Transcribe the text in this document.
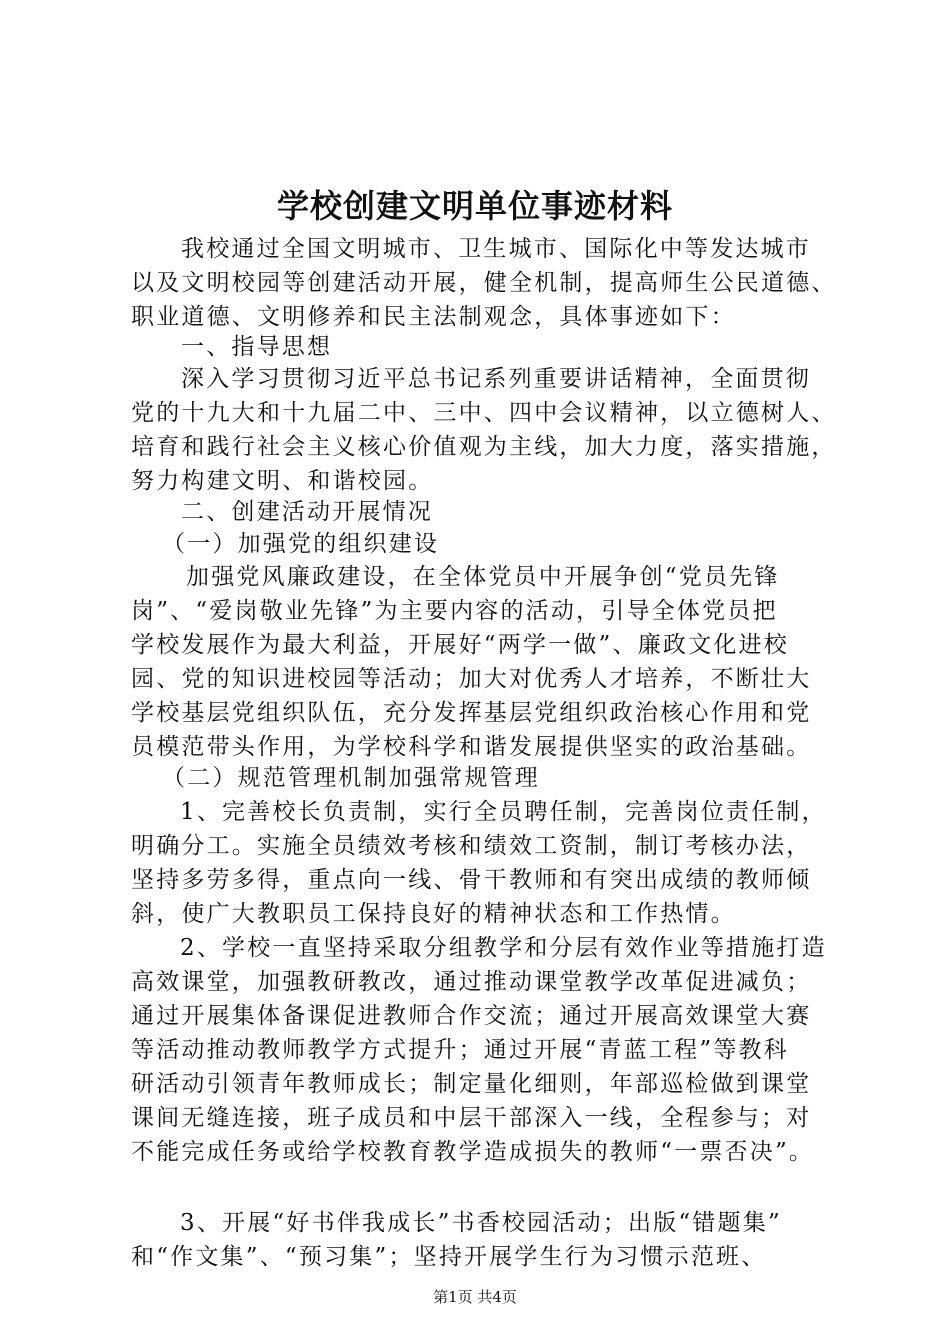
学校创建文明单位事迹材料
我校通过全国文明城市、卫生城市、国际化中等发达城市
以及文明校园等创建活动开展，健全机制，提高师生公民道德、
职业道德、文明修养和民主法制观念，具体事迹如下：
一、指导思想
深入学习贯彻习近平总书记系列重要讲话精神，全面贯彻
党的十九大和十九届二中、三中、四中会议精神，以立德树人、
培育和践行社会主义核心价值观为主线，加大力度，落实措施，
努力构建文明、和谐校园。
二、创建活动开展情况
（一）加强党的组织建设
加强党风廉政建设，在全体党员中开展争创“党员先锋
岗”、“爱岗敬业先锋”为主要内容的活动，引导全体党员把
学校发展作为最大利益，开展好“两学一做”、廉政文化进校
园、党的知识进校园等活动；加大对优秀人才培养，不断壮大
学校基层党组织队伍，充分发挥基层党组织政治核心作用和党
员模范带头作用，为学校科学和谐发展提供坚实的政治基础。
（二）规范管理机制加强常规管理
1、完善校长负责制，实行全员聘任制，完善岗位责任制，
明确分工。实施全员绩效考核和绩效工资制，制订考核办法，
坚持多劳多得，重点向一线、骨干教师和有突出成绩的教师倾
斜，使广大教职员工保持良好的精神状态和工作热情。
2、学校一直坚持采取分组教学和分层有效作业等措施打造
高效课堂，加强教研教改，通过推动课堂教学改革促进减负；
通过开展集体备课促进教师合作交流；通过开展高效课堂大赛
等活动推动教师教学方式提升；通过开展“青蓝工程”等教科
研活动引领青年教师成长；制定量化细则，年部巡检做到课堂
课间无缝连接，班子成员和中层干部深入一线，全程参与；对
不能完成任务或给学校教育教学造成损失的教师“一票否决”。
3、开展“好书伴我成长”书香校园活动；出版“错题集”
和“作文集”、“预习集”；坚持开展学生行为习惯示范班、
第1页 共4页
